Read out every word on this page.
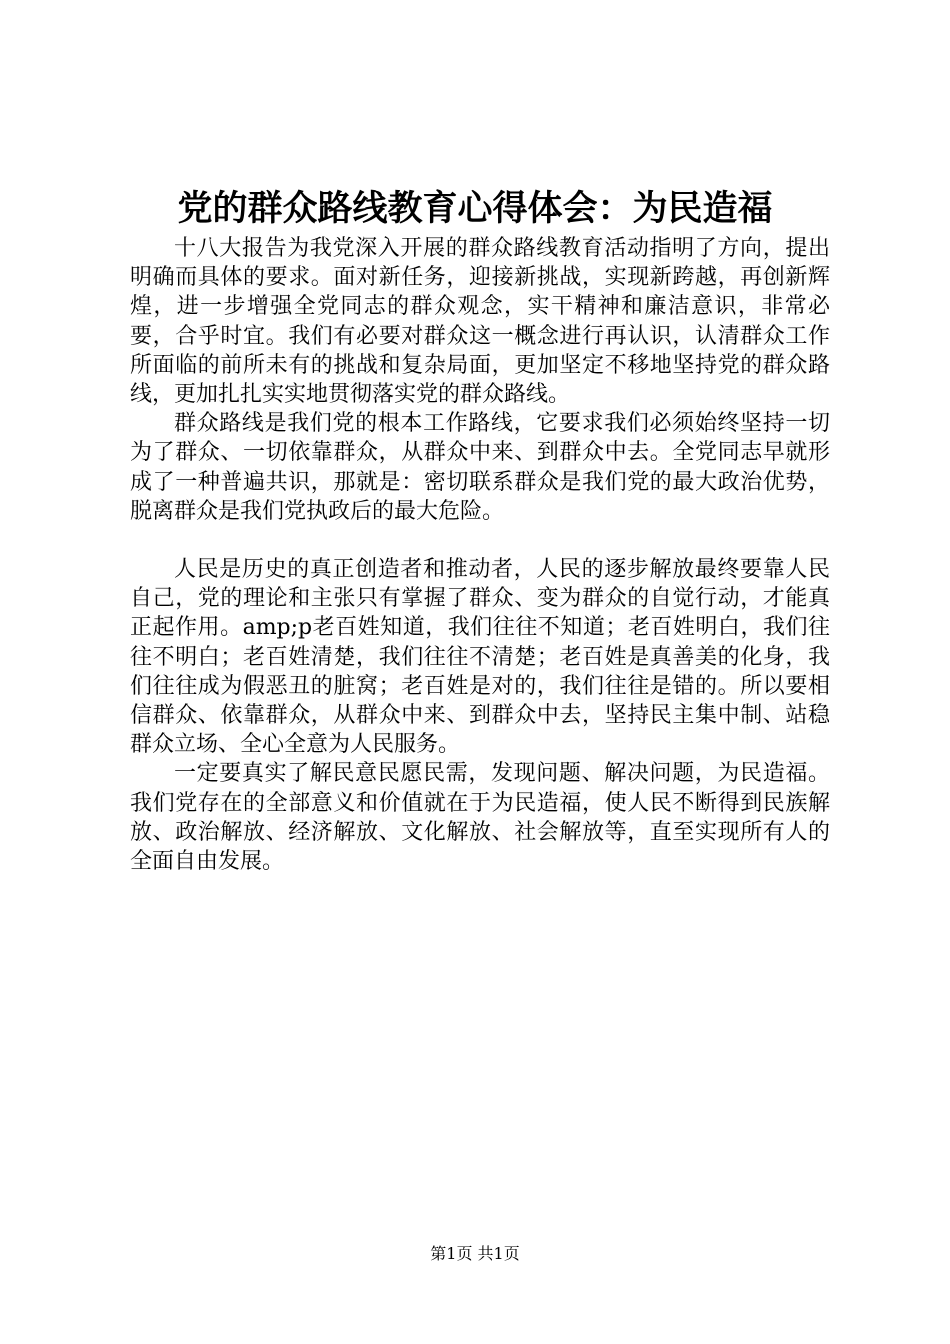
党的群众路线教育心得体会：为民造福

十八大报告为我党深入开展的群众路线教育活动指明了方向，提出明确而具体的要求。面对新任务，迎接新挑战，实现新跨越，再创新辉煌，进一步增强全党同志的群众观念，实干精神和廉洁意识，非常必要，合乎时宜。我们有必要对群众这一概念进行再认识，认清群众工作所面临的前所未有的挑战和复杂局面，更加坚定不移地坚持党的群众路线，更加扎扎实实地贯彻落实党的群众路线。

群众路线是我们党的根本工作路线，它要求我们必须始终坚持一切为了群众、一切依靠群众，从群众中来、到群众中去。全党同志早就形成了一种普遍共识，那就是：密切联系群众是我们党的最大政治优势，脱离群众是我们党执政后的最大危险。

人民是历史的真正创造者和推动者，人民的逐步解放最终要靠人民自己，党的理论和主张只有掌握了群众、变为群众的自觉行动，才能真正起作用。amp;p老百姓知道，我们往往不知道；老百姓明白，我们往往不明白；老百姓清楚，我们往往不清楚；老百姓是真善美的化身，我们往往成为假恶丑的脏窝；老百姓是对的，我们往往是错的。所以要相信群众、依靠群众，从群众中来、到群众中去，坚持民主集中制、站稳群众立场、全心全意为人民服务。

一定要真实了解民意民愿民需，发现问题、解决问题，为民造福。我们党存在的全部意义和价值就在于为民造福，使人民不断得到民族解放、政治解放、经济解放、文化解放、社会解放等，直至实现所有人的全面自由发展。

第1页 共1页
